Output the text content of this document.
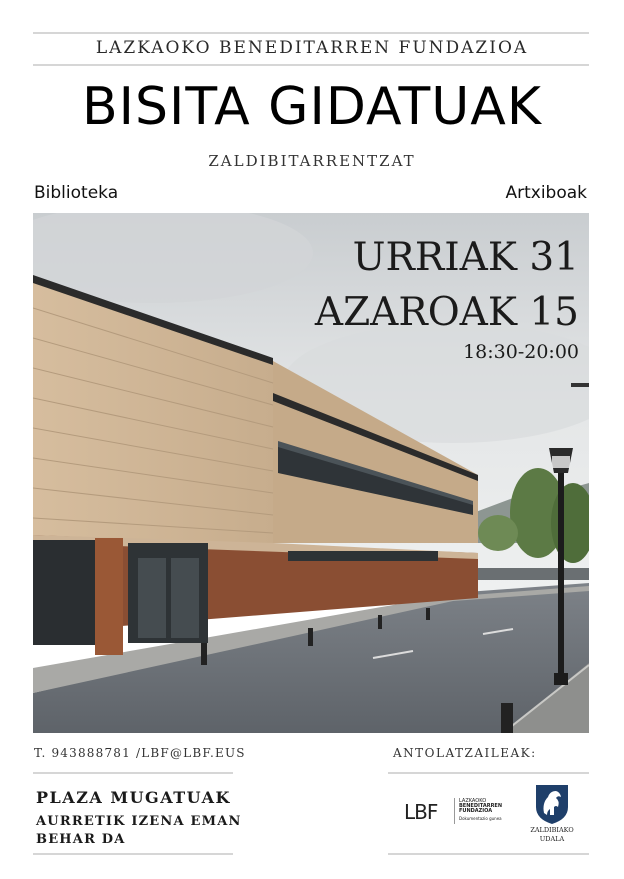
LAZKAOKO BENEDITARREN FUNDAZIOA
BISITA GIDATUAK
ZALDIBITARRENTZAT
Biblioteka	Artxiboak
URRIAK 31
AZAROAK 15
18:30-20:00
T. 943888781 /LBF@LBF.EUS	ANTOLATZAILEAK:
PLAZA MUGATUAK
AURRETIK IZENA EMAN
BEHAR DA
LBF	LAZKAOKO
BENEDITARREN
FUNDAZIOA
Dokumentazio gunea
ZALDIBIAKO
UDALA
